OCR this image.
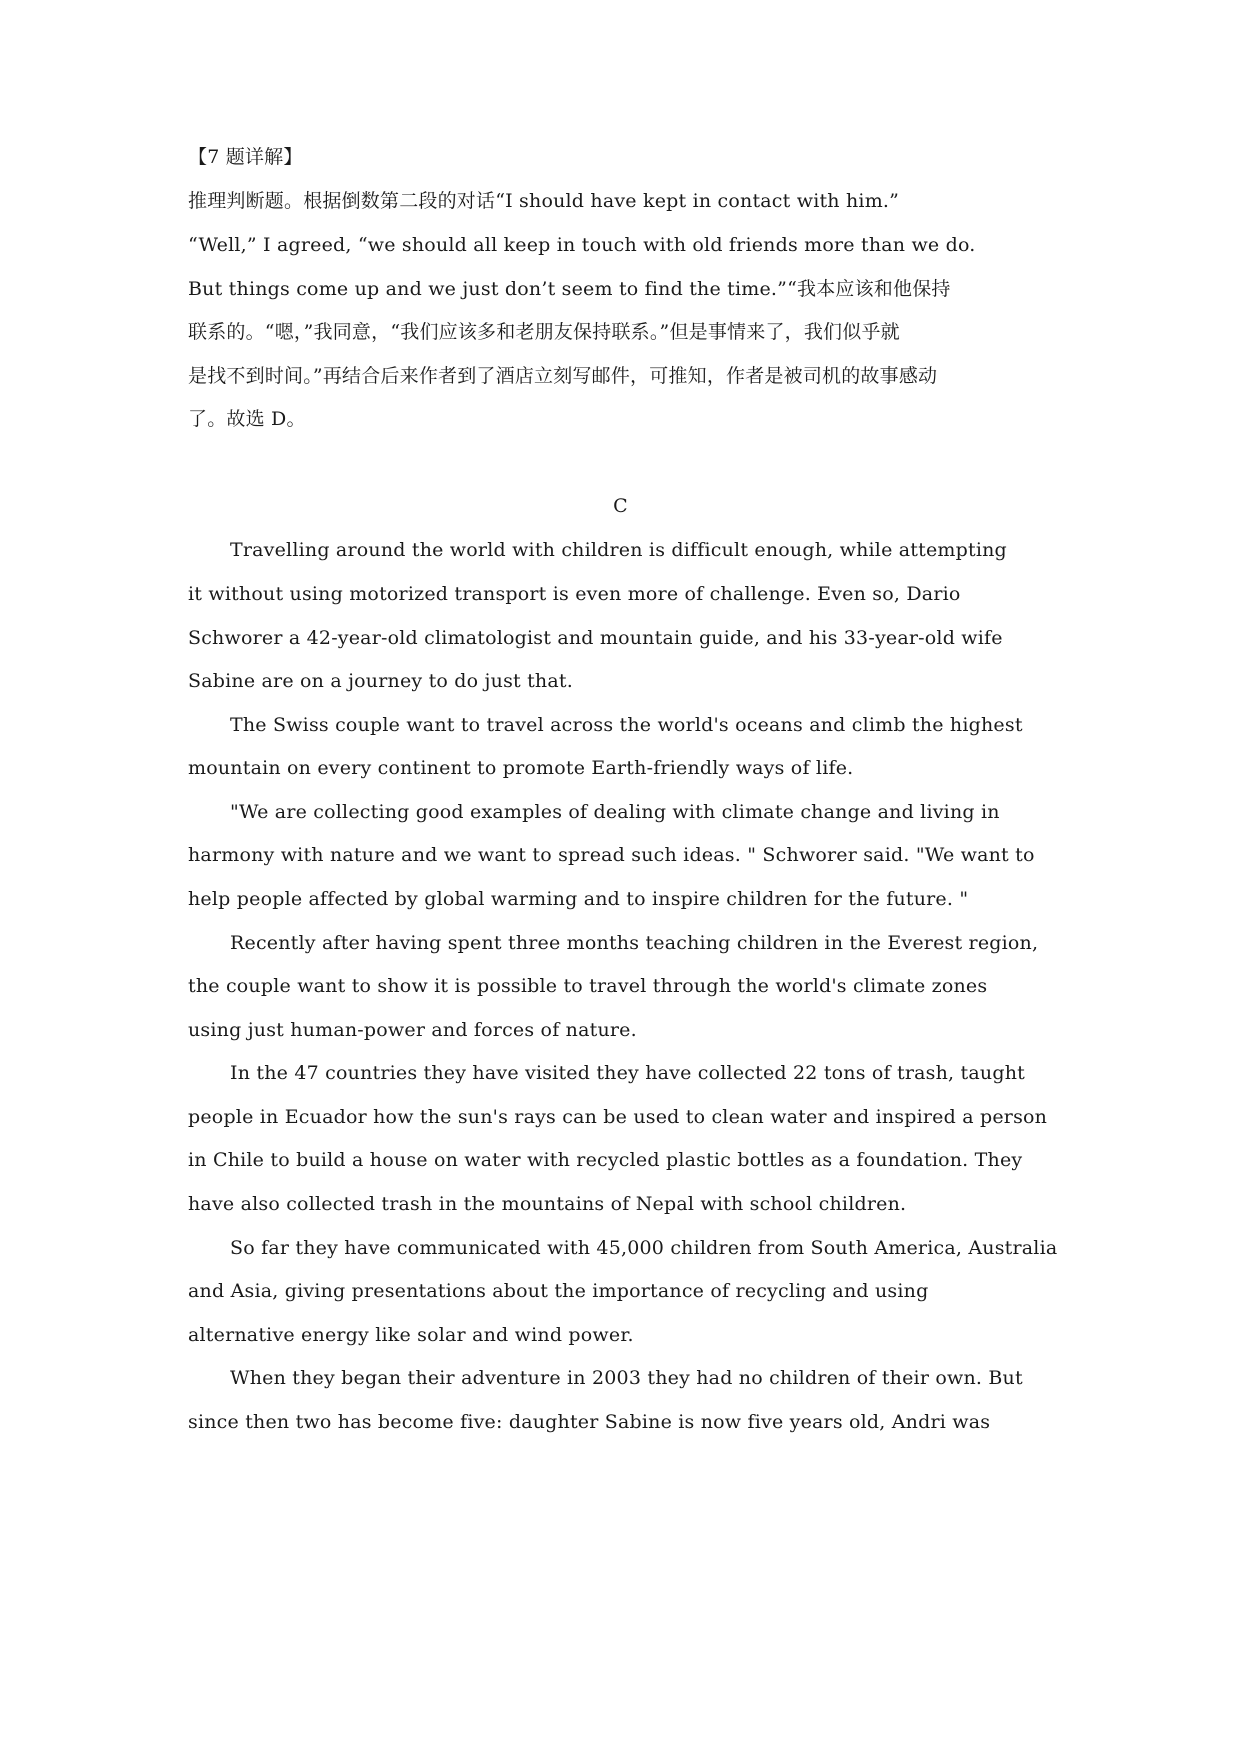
【7 题详解】
推理判断题。根据倒数第二段的对话“I should have kept in contact with him.”
“Well,” I agreed, “we should all keep in touch with old friends more than we do.
But things come up and we just don’t seem to find the time.”“我本应该和他保持
联系的。“嗯，”我同意，“我们应该多和老朋友保持联系。”但是事情来了，我们似乎就
是找不到时间。”再结合后来作者到了酒店立刻写邮件，可推知，作者是被司机的故事感动
了。故选 D。
C
Travelling around the world with children is difficult enough, while attempting
it without using motorized transport is even more of challenge. Even so, Dario
Schworer a 42-year-old climatologist and mountain guide, and his 33-year-old wife
Sabine are on a journey to do just that.
The Swiss couple want to travel across the world's oceans and climb the highest
mountain on every continent to promote Earth-friendly ways of life.
"We are collecting good examples of dealing with climate change and living in
harmony with nature and we want to spread such ideas. " Schworer said. "We want to
help people affected by global warming and to inspire children for the future. "
Recently after having spent three months teaching children in the Everest region,
the couple want to show it is possible to travel through the world's climate zones
using just human-power and forces of nature.
In the 47 countries they have visited they have collected 22 tons of trash, taught
people in Ecuador how the sun's rays can be used to clean water and inspired a person
in Chile to build a house on water with recycled plastic bottles as a foundation. They
have also collected trash in the mountains of Nepal with school children.
So far they have communicated with 45,000 children from South America, Australia
and Asia, giving presentations about the importance of recycling and using
alternative energy like solar and wind power.
When they began their adventure in 2003 they had no children of their own. But
since then two has become five: daughter Sabine is now five years old, Andri was
